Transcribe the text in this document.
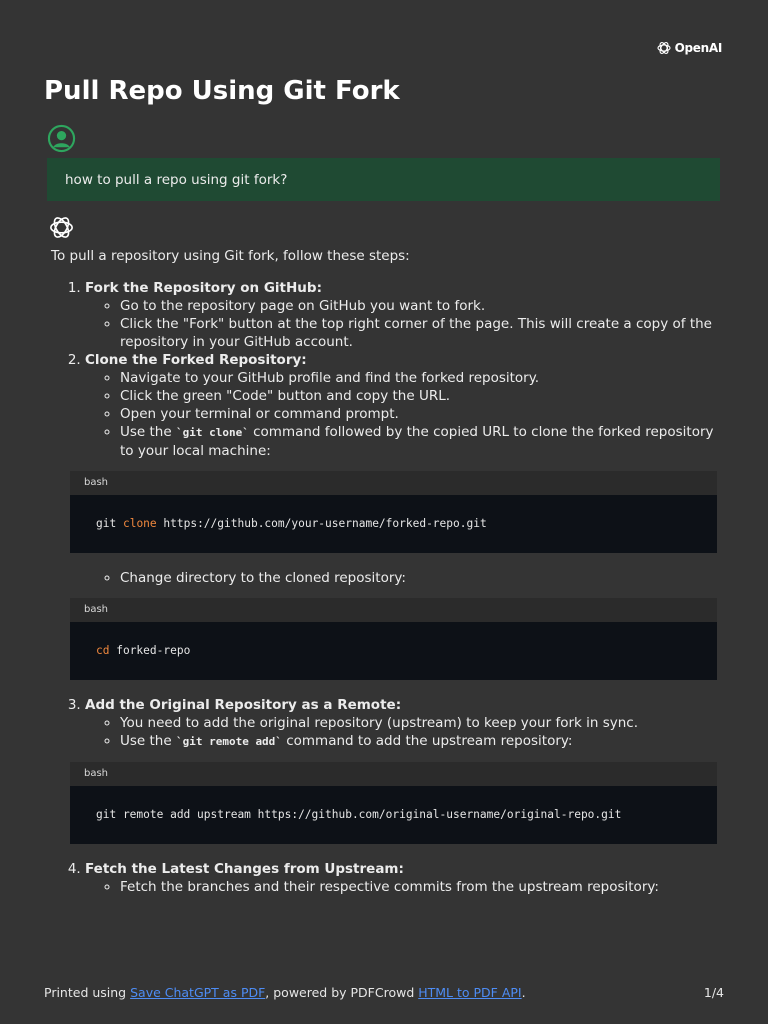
OpenAI
Pull Repo Using Git Fork
how to pull a repo using git fork?

To pull a repository using Git fork, follow these steps:

1. Fork the Repository on GitHub:
◦ Go to the repository page on GitHub you want to fork.
◦ Click the "Fork" button at the top right corner of the page. This will create a copy of the repository in your GitHub account.
2. Clone the Forked Repository:
◦ Navigate to your GitHub profile and find the forked repository.
◦ Click the green "Code" button and copy the URL.
◦ Open your terminal or command prompt.
◦ Use the `git clone` command followed by the copied URL to clone the forked repository to your local machine:
bash
git clone https://github.com/your-username/forked-repo.git
◦ Change directory to the cloned repository:
bash
cd forked-repo
3. Add the Original Repository as a Remote:
◦ You need to add the original repository (upstream) to keep your fork in sync.
◦ Use the `git remote add` command to add the upstream repository:
bash
git remote add upstream https://github.com/original-username/original-repo.git
4. Fetch the Latest Changes from Upstream:
◦ Fetch the branches and their respective commits from the upstream repository:
Printed using Save ChatGPT as PDF, powered by PDFCrowd HTML to PDF API.	1/4
